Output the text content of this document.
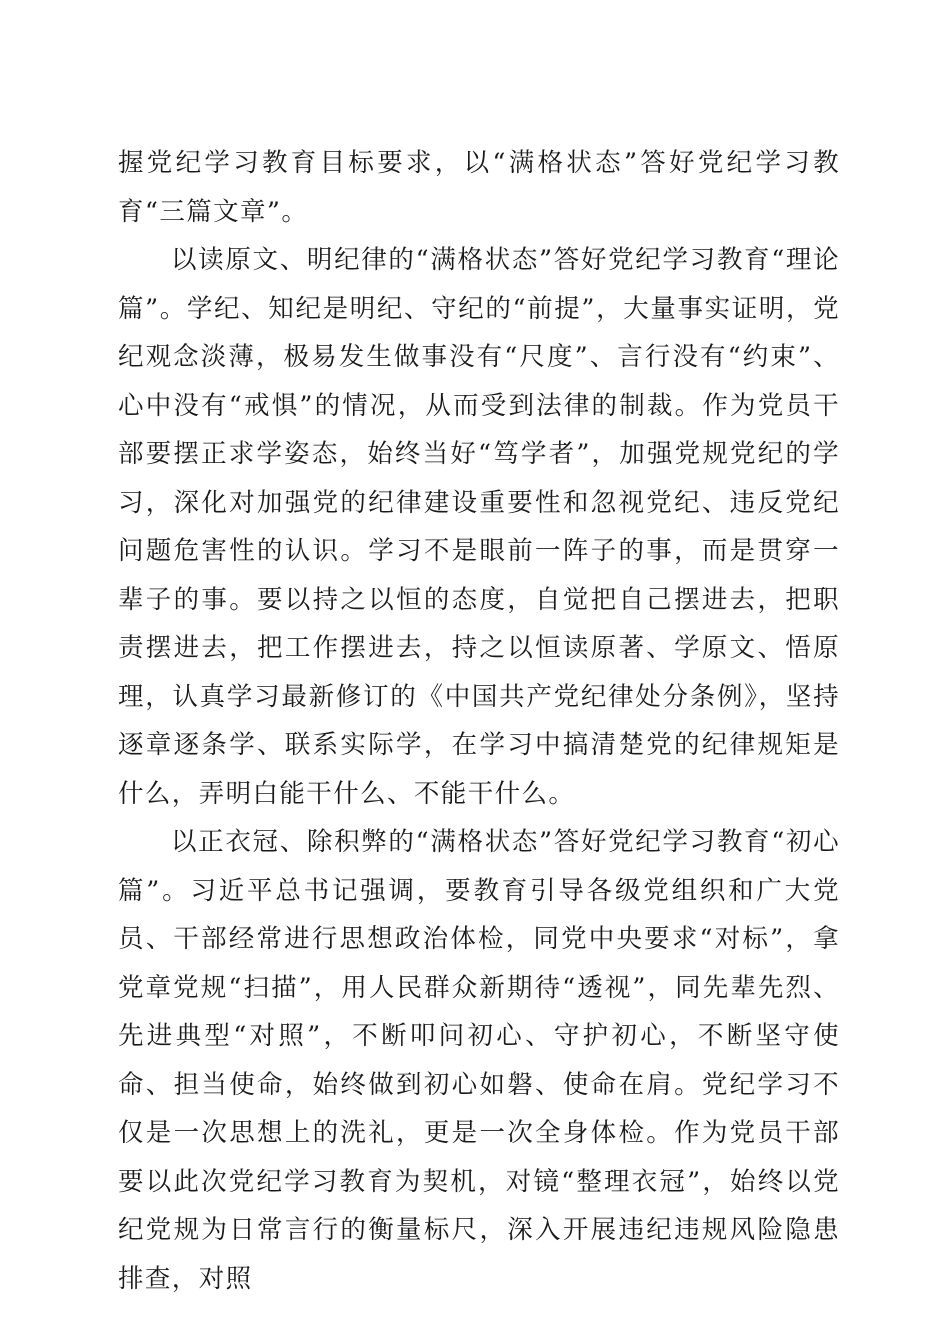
握党纪学习教育目标要求，以“满格状态”答好党纪学习教育“三篇文章”。

以读原文、明纪律的“满格状态”答好党纪学习教育“理论篇”。学纪、知纪是明纪、守纪的“前提”，大量事实证明，党纪观念淡薄，极易发生做事没有“尺度”、言行没有“约束”、心中没有“戒惧”的情况，从而受到法律的制裁。作为党员干部要摆正求学姿态，始终当好“笃学者”，加强党规党纪的学习，深化对加强党的纪律建设重要性和忽视党纪、违反党纪问题危害性的认识。学习不是眼前一阵子的事，而是贯穿一辈子的事。要以持之以恒的态度，自觉把自己摆进去，把职责摆进去，把工作摆进去，持之以恒读原著、学原文、悟原理，认真学习最新修订的《中国共产党纪律处分条例》，坚持逐章逐条学、联系实际学，在学习中搞清楚党的纪律规矩是什么，弄明白能干什么、不能干什么。

以正衣冠、除积弊的“满格状态”答好党纪学习教育“初心篇”。习近平总书记强调，要教育引导各级党组织和广大党员、干部经常进行思想政治体检，同党中央要求“对标”，拿党章党规“扫描”，用人民群众新期待“透视”，同先辈先烈、先进典型“对照”，不断叩问初心、守护初心，不断坚守使命、担当使命，始终做到初心如磐、使命在肩。党纪学习不仅是一次思想上的洗礼，更是一次全身体检。作为党员干部要以此次党纪学习教育为契机，对镜“整理衣冠”，始终以党纪党规为日常言行的衡量标尺，深入开展违纪违规风险隐患排查，对照
